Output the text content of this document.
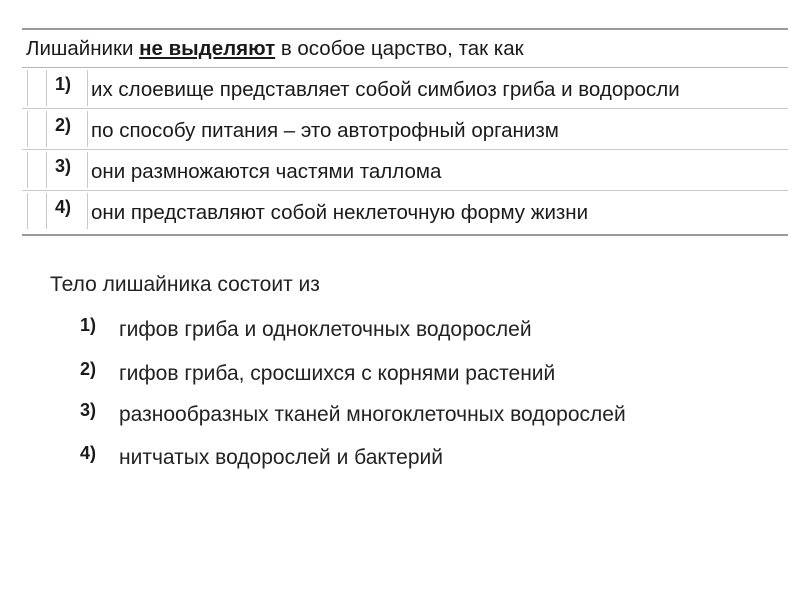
Лишайники не выделяют в особое царство, так как
1) их слоевище представляет собой симбиоз гриба и водоросли
2) по способу питания – это автотрофный организм
3) они размножаются частями таллома
4) они представляют собой неклеточную форму жизни
Тело лишайника состоит из
1) гифов гриба и одноклеточных водорослей
2) гифов гриба, сросшихся с корнями растений
3) разнообразных тканей многоклеточных водорослей
4) нитчатых водорослей и бактерий
